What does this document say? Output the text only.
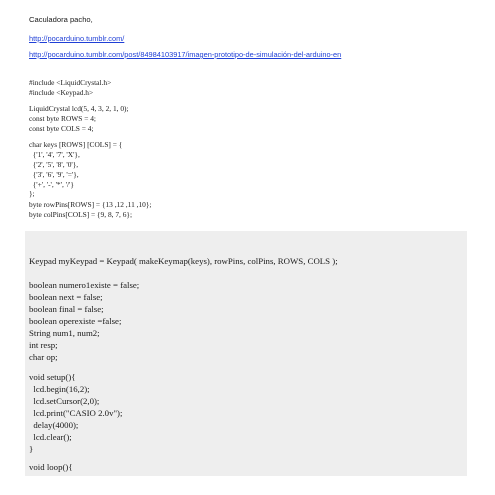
Caculadora pacho,
http://pocarduino.tumblr.com/
http://pocarduino.tumblr.com/post/84984103917/imagen-prototipo-de-simulación-del-arduino-en
#include <LiquidCrystal.h>
#include <Keypad.h>
LiquidCrystal lcd(5, 4, 3, 2, 1, 0);
const byte ROWS = 4;
const byte COLS = 4;
char keys [ROWS] [COLS] = {
{'1', '4', '7', 'X'},
{'2', '5', '8', '0'},
{'3', '6', '9', '='},
{'+', '-', '*', '/'}
};
byte rowPins[ROWS] = {13 ,12 ,11 ,10};
byte colPins[COLS] = {9, 8, 7, 6};
Keypad myKeypad = Keypad( makeKeymap(keys), rowPins, colPins, ROWS, COLS );
boolean numero1existe = false;
boolean next = false;
boolean final = false;
boolean operexiste =false;
String num1, num2;
int resp;
char op;
void setup(){
lcd.begin(16,2);
lcd.setCursor(2,0);
lcd.print("CASIO 2.0v");
delay(4000);
lcd.clear();
}
void loop(){
